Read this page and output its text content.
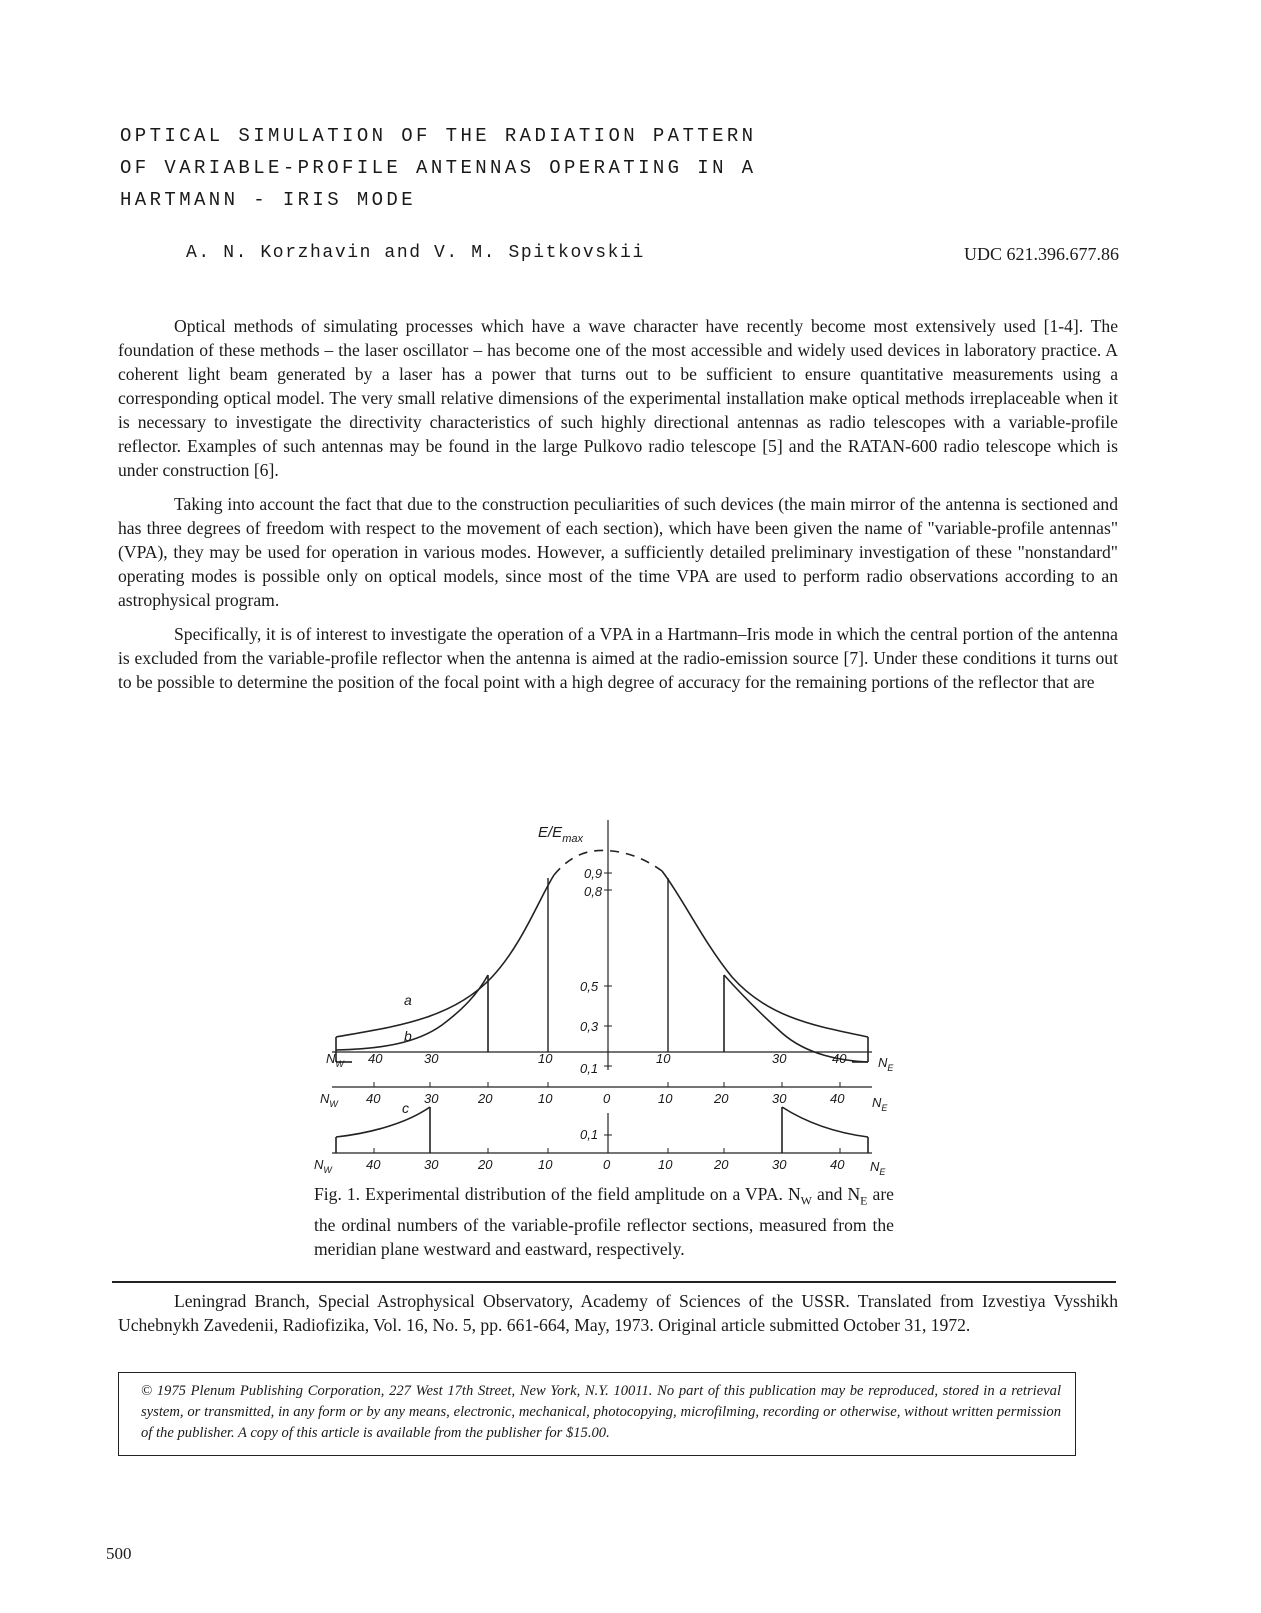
OPTICAL SIMULATION OF THE RADIATION PATTERN
OF VARIABLE-PROFILE ANTENNAS OPERATING IN A
HARTMANN - IRIS MODE
A. N. Korzhavin and V. M. Spitkovskii	UDC 621.396.677.86

Optical methods of simulating processes which have a wave character have recently become most extensively used [1-4]. The foundation of these methods – the laser oscillator – has become one of the most accessible and widely used devices in laboratory practice. A coherent light beam generated by a laser has a power that turns out to be sufficient to ensure quantitative measurements using a corresponding optical model. The very small relative dimensions of the experimental installation make optical methods irreplaceable when it is necessary to investigate the directivity characteristics of such highly directional antennas as radio telescopes with a variable-profile reflector. Examples of such antennas may be found in the large Pulkovo radio telescope [5] and the RATAN-600 radio telescope which is under construction [6].

Taking into account the fact that due to the construction peculiarities of such devices (the main mirror of the antenna is sectioned and has three degrees of freedom with respect to the movement of each section), which have been given the name of "variable-profile antennas" (VPA), they may be used for operation in various modes. However, a sufficiently detailed preliminary investigation of these "nonstandard" operating modes is possible only on optical models, since most of the time VPA are used to perform radio observations according to an astrophysical program.

Specifically, it is of interest to investigate the operation of a VPA in a Hartmann–Iris mode in which the central portion of the antenna is excluded from the variable-profile reflector when the antenna is aimed at the radio-emission source [7]. Under these conditions it turns out to be possible to determine the position of the focal point with a high degree of accuracy for the remaining portions of the reflector that are

$E/E_{max}$
0,9
0,8
0,5
0,3
0,1
0,1
a
b
c
$N_W$ 40	30	10	10	30	40 $N_E$
$N_W$ 40	30	20	10	0	10	20	30	40 $N_E$
$N_W$	40	30	20	10	0	10	20	30	40 $N_E$
Fig. 1. Experimental distribution of the field amplitude on a VPA. $N_W$ and $N_E$ are the ordinal numbers of the variable-profile reflector sections, measured from the meridian plane westward and eastward, respectively.
Leningrad Branch, Special Astrophysical Observatory, Academy of Sciences of the USSR. Translated from Izvestiya Vysshikh Uchebnykh Zavedenii, Radiofizika, Vol. 16, No. 5, pp. 661-664, May, 1973. Original article submitted October 31, 1972.
© 1975 Plenum Publishing Corporation, 227 West 17th Street, New York, N.Y. 10011. No part of this publication may be reproduced, stored in a retrieval system, or transmitted, in any form or by any means, electronic, mechanical, photocopying, microfilming, recording or otherwise, without written permission of the publisher. A copy of this article is available from the publisher for $15.00.
500
